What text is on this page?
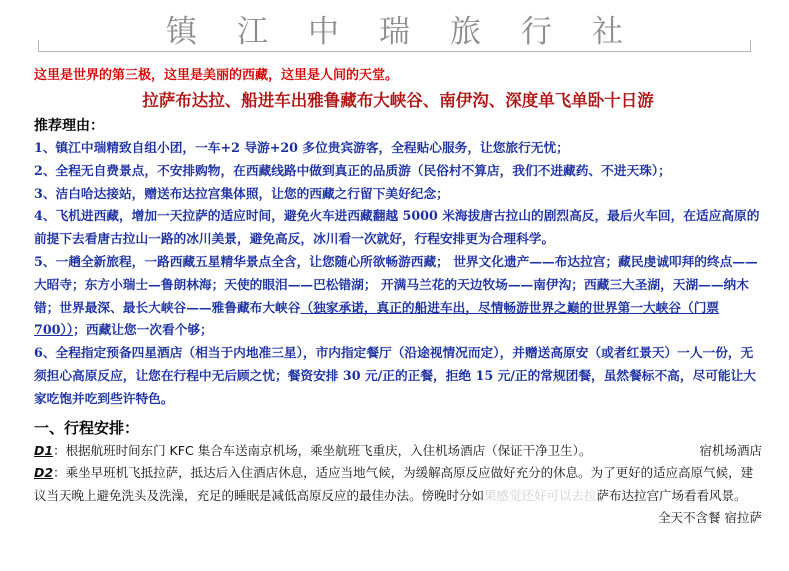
镇江中瑞旅行社
这里是世界的第三极，这里是美丽的西藏，这里是人间的天堂。
拉萨布达拉、船进车出雅鲁藏布大峡谷、南伊沟、深度单飞单卧十日游
推荐理由：
1、镇江中瑞精致自组小团，一车+2 导游+20 多位贵宾游客，全程贴心服务，让您旅行无忧；
2、全程无自费景点，不安排购物，在西藏线路中做到真正的品质游（民俗村不算店，我们不进藏药、不进天珠）；
3、洁白哈达接站，赠送布达拉宫集体照，让您的西藏之行留下美好纪念；
4、飞机进西藏，增加一天拉萨的适应时间，避免火车进西藏翻越 5000 米海拔唐古拉山的剧烈高反，最后火车回，在适应高原的前提下去看唐古拉山一路的冰川美景，避免高反，冰川看一次就好，行程安排更为合理科学。
5、一趟全新旅程，一路西藏五星精华景点全含，让您随心所欲畅游西藏； 世界文化遗产——布达拉宫；藏民虔诚叩拜的终点——大昭寺；东方小瑞士—鲁朗林海；天使的眼泪——巴松错湖； 开满马兰花的天边牧场——南伊沟；西藏三大圣湖，天湖——纳木错；世界最深、最长大峡谷——雅鲁藏布大峡谷（独家承诺，真正的船进车出，尽情畅游世界之巅的世界第一大峡谷（门票700））；西藏让您一次看个够；
6、全程指定预备四星酒店（相当于内地准三星），市内指定餐厅（沿途视情况而定），并赠送高原安（或者红景天）一人一份，无须担心高原反应，让您在行程中无后顾之忧；餐资安排 30 元/正的正餐，拒绝 15 元/正的常规团餐，虽然餐标不高，尽可能让大家吃饱并吃到些许特色。
一、行程安排：
宿机场酒店
D1：根据航班时间东门 KFC 集合车送南京机场，乘坐航班飞重庆，入住机场酒店（保证干净卫生）。
D2：乘坐早班机飞抵拉萨，抵达后入住酒店休息，适应当地气候，为缓解高原反应做好充分的休息。为了更好的适应高原气候，建议当天晚上避免洗头及洗澡，充足的睡眠是减低高原反应的最佳办法。傍晚时分如果感觉还好可以去拉萨布达拉宫广场看看风景。
全天不含餐 宿拉萨
